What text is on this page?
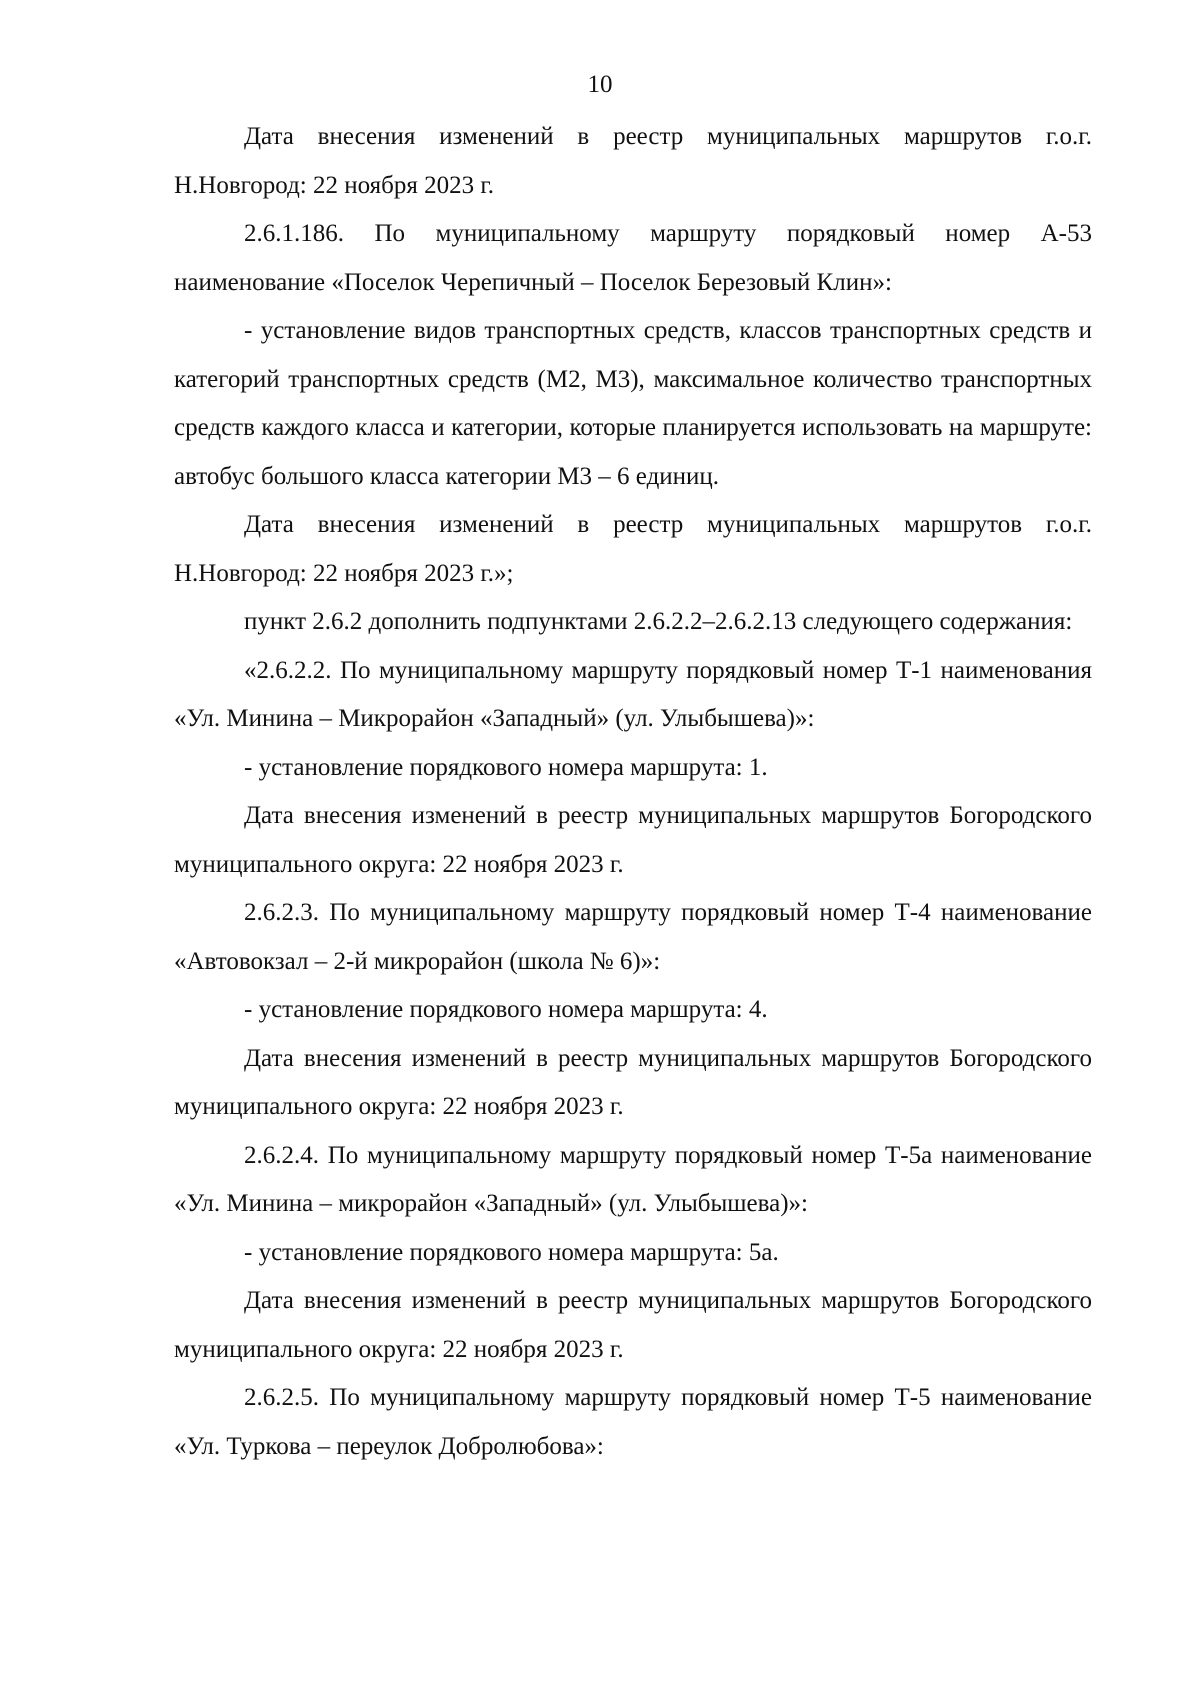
10

Дата внесения изменений в реестр муниципальных маршрутов г.о.г. Н.Новгород: 22 ноября 2023 г.

2.6.1.186. По муниципальному маршруту порядковый номер А-53 наименование «Поселок Черепичный – Поселок Березовый Клин»:

- установление видов транспортных средств, классов транспортных средств и категорий транспортных средств (М2, М3), максимальное количество транспортных средств каждого класса и категории, которые планируется использовать на маршруте: автобус большого класса категории М3 – 6 единиц.

Дата внесения изменений в реестр муниципальных маршрутов г.о.г. Н.Новгород: 22 ноября 2023 г.»;

пункт 2.6.2 дополнить подпунктами 2.6.2.2–2.6.2.13 следующего содержания:

«2.6.2.2. По муниципальному маршруту порядковый номер Т-1 наименования «Ул. Минина – Микрорайон «Западный» (ул. Улыбышева)»:

- установление порядкового номера маршрута: 1.

Дата внесения изменений в реестр муниципальных маршрутов Богородского муниципального округа: 22 ноября 2023 г.

2.6.2.3. По муниципальному маршруту порядковый номер Т-4 наименование «Автовокзал – 2-й микрорайон (школа № 6)»:

- установление порядкового номера маршрута: 4.

Дата внесения изменений в реестр муниципальных маршрутов Богородского муниципального округа: 22 ноября 2023 г.

2.6.2.4. По муниципальному маршруту порядковый номер Т-5а наименование «Ул. Минина – микрорайон «Западный» (ул. Улыбышева)»:

- установление порядкового номера маршрута: 5а.

Дата внесения изменений в реестр муниципальных маршрутов Богородского муниципального округа: 22 ноября 2023 г.

2.6.2.5. По муниципальному маршруту порядковый номер Т-5 наименование «Ул. Туркова – переулок Добролюбова»:
